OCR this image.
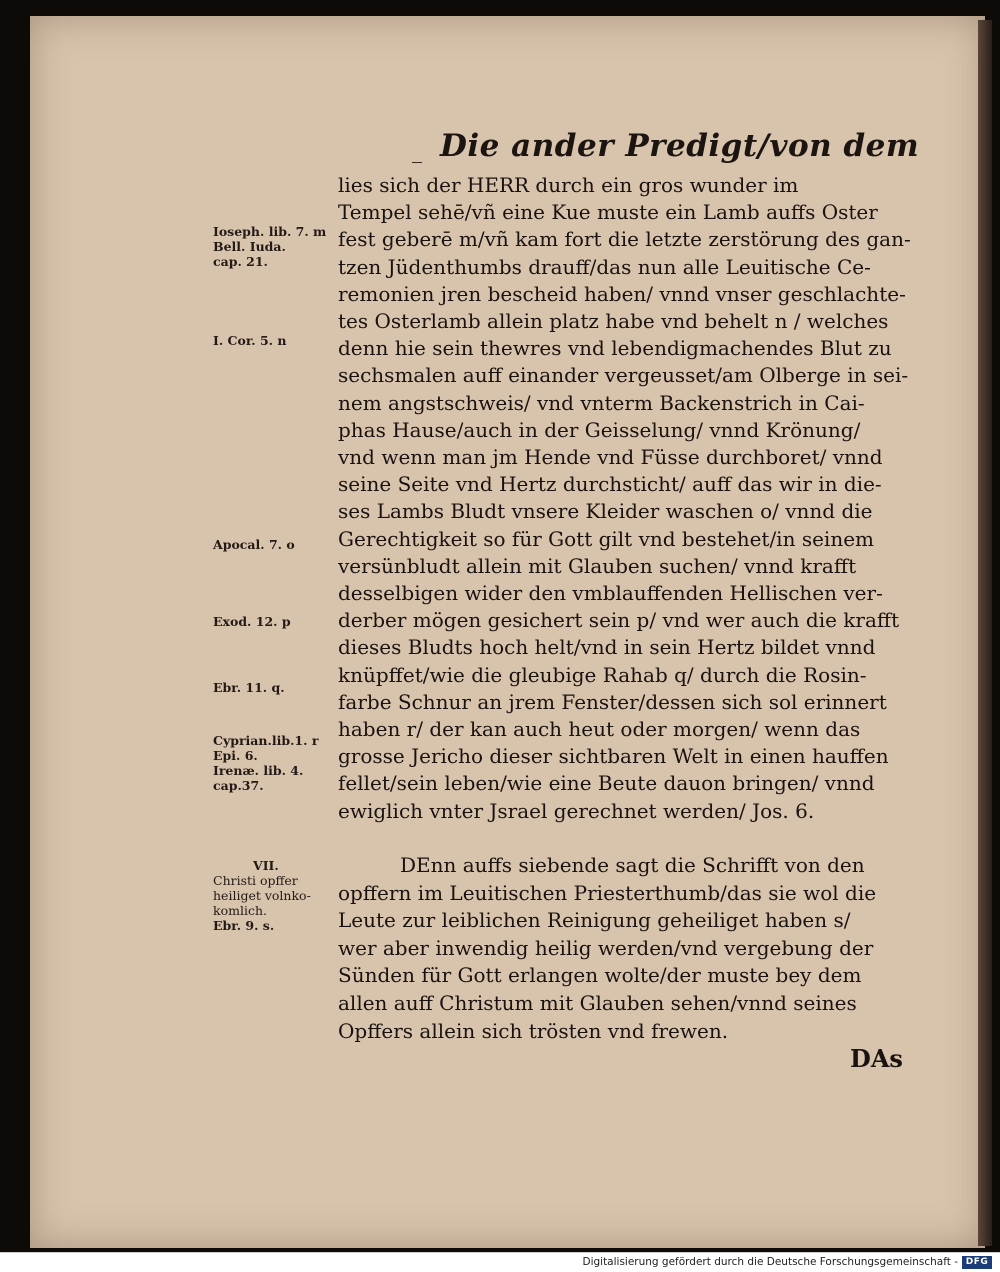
Die ander Predigt/von dem
lies sich der HERR durch ein gros wunder im
Tempel sehē/vñ eine Kue muste ein Lamb auffs Oster
fest geberē m/vñ kam fort die letzte zerstörung des gan-
tzen Jüdenthumbs drauff/das nun alle Leuitische Ce-
remonien jren bescheid haben/ vnnd vnser geschlachte-
tes Osterlamb allein platz habe vnd behelt n / welches
denn hie sein thewres vnd lebendigmachendes Blut zu
sechsmalen auff einander vergeusset/am Olberge in sei-
nem angstschweis/ vnd vnterm Backenstrich in Cai-
phas Hause/auch in der Geisselung/ vnnd Krönung/
vnd wenn man jm Hende vnd Füsse durchboret/ vnnd
seine Seite vnd Hertz durchsticht/ auff das wir in die-
ses Lambs Bludt vnsere Kleider waschen o/ vnnd die
Gerechtigkeit so für Gott gilt vnd bestehet/in seinem
versünbludt allein mit Glauben suchen/ vnnd krafft
desselbigen wider den vmblauffenden Hellischen ver-
derber mögen gesichert sein p/ vnd wer auch die krafft
dieses Bludts hoch helt/vnd in sein Hertz bildet vnnd
knüpffet/wie die gleubige Rahab q/ durch die Rosin-
farbe Schnur an jrem Fenster/dessen sich sol erinnert
haben r/ der kan auch heut oder morgen/ wenn das
grosse Jericho dieser sichtbaren Welt in einen hauffen
fellet/sein leben/wie eine Beute dauon bringen/ vnnd
ewiglich vnter Jsrael gerechnet werden/ Jos. 6.
DEnn auffs siebende sagt die Schrifft von den
opffern im Leuitischen Priesterthumb/das sie wol die
Leute zur leiblichen Reinigung geheiliget haben s/
wer aber inwendig heilig werden/vnd vergebung der
Sünden für Gott erlangen wolte/der muste bey dem
allen auff Christum mit Glauben sehen/vnnd seines
Opffers allein sich trösten vnd frewen.
DAs
Ioseph. lib. 7. m
Bell. Iuda.
cap. 21.
I. Cor. 5. n
Apocal. 7. o
Exod. 12. p
Ebr. 11. q.
Cyprian.lib.1. r
Epi. 6.
Irenæ. lib. 4.
cap.37.
VII.
Christi opffer
heiliget volnko-
komlich.
Ebr. 9. s.
Digitalisierung gefördert durch die Deutsche Forschungsgemeinschaft - DFG
